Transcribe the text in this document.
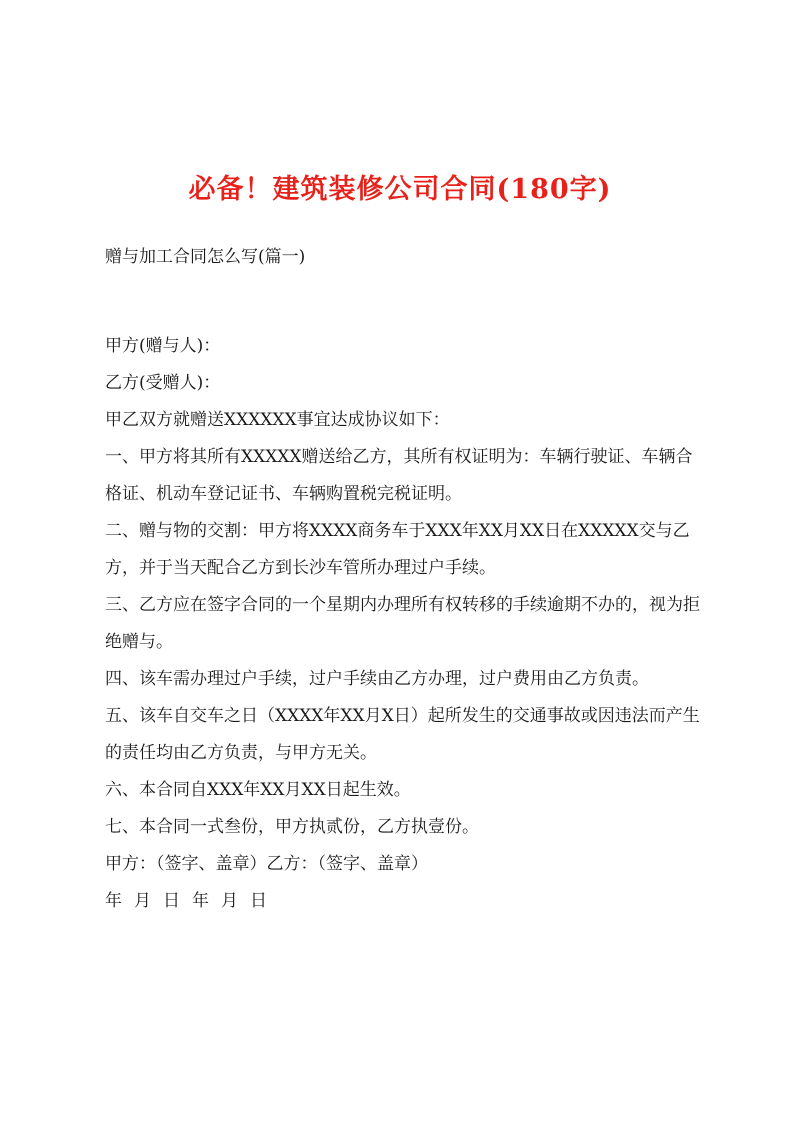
必备！建筑装修公司合同(180字)
赠与加工合同怎么写(篇一)

甲方(赠与人)：

乙方(受赠人)：

甲乙双方就赠送XXXXXX事宜达成协议如下：

一、甲方将其所有XXXXX赠送给乙方，其所有权证明为：车辆行驶证、车辆合格证、机动车登记证书、车辆购置税完税证明。

二、赠与物的交割：甲方将XXXX商务车于XXX年XX月XX日在XXXXX交与乙方，并于当天配合乙方到长沙车管所办理过户手续。

三、乙方应在签字合同的一个星期内办理所有权转移的手续逾期不办的，视为拒绝赠与。

四、该车需办理过户手续，过户手续由乙方办理，过户费用由乙方负责。

五、该车自交车之日（XXXX年XX月X日）起所发生的交通事故或因违法而产生的责任均由乙方负责，与甲方无关。

六、本合同自XXX年XX月XX日起生效。

七、本合同一式叁份，甲方执贰份，乙方执壹份。

甲方：（签字、盖章）乙方：（签字、盖章）

年 月 日 年 月 日
